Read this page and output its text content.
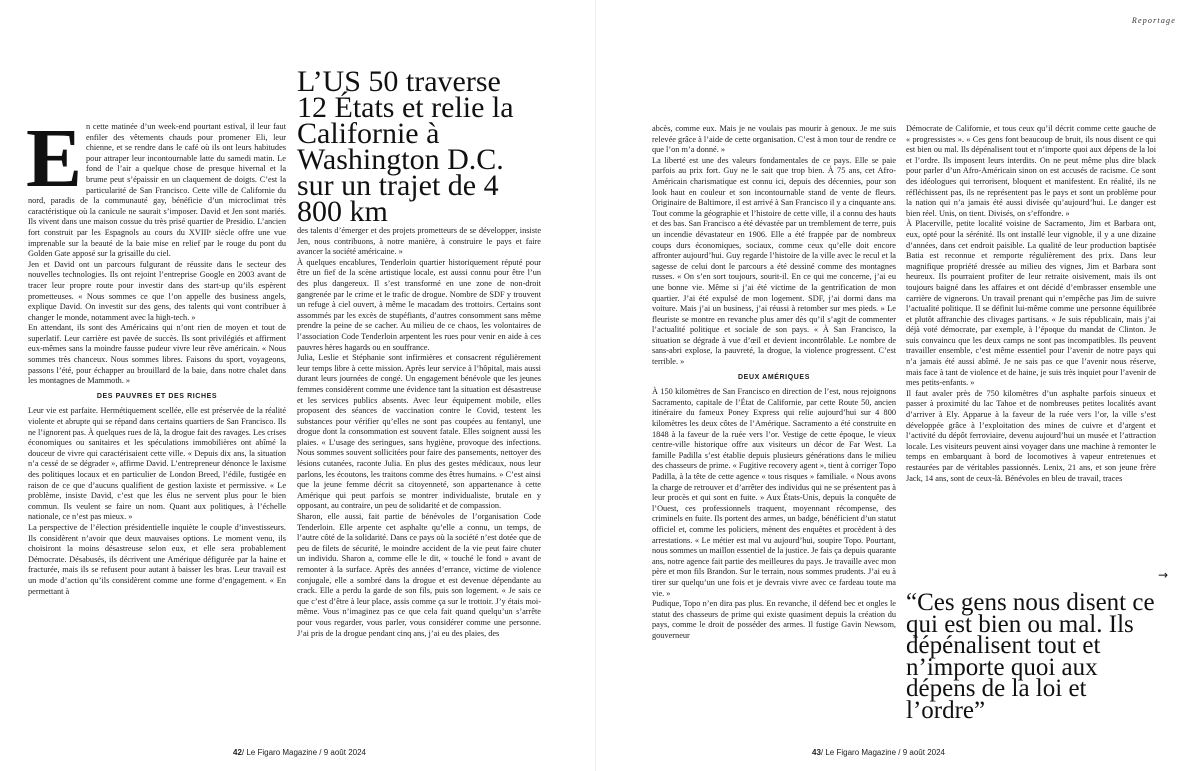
Reportage
L’US 50 traverse 12 États et relie la Californie à Washington D.C. sur un trajet de 4 800 km

En cette matinée d’un week-end pourtant estival, il leur faut enfiler des vêtements chauds pour promener Eli, leur chienne, et se rendre dans le café où ils ont leurs habitudes pour attraper leur incontournable latte du samedi matin. Le fond de l’air a quelque chose de presque hivernal et la brume peut s’épaissir en un claquement de doigts. C’est la particularité de San Francisco. Cette ville de Californie du nord, paradis de la communauté gay, bénéficie d’un microclimat très caractéristique où la canicule ne saurait s’imposer. David et Jen sont mariés. Ils vivent dans une maison cossue du très prisé quartier de Presidio. L’ancien fort construit par les Espagnols au cours du XVIIIᵉ siècle offre une vue imprenable sur la beauté de la baie mise en relief par le rouge du pont du Golden Gate apposé sur la grisaille du ciel.

Jen et David ont un parcours fulgurant de réussite dans le secteur des nouvelles technologies. Ils ont rejoint l’entreprise Google en 2003 avant de tracer leur propre route pour investir dans des start-up qu’ils espèrent prometteuses. « Nous sommes ce que l’on appelle des business angels, explique David. On investit sur des gens, des talents qui vont contribuer à changer le monde, notamment avec la high-tech. »

En attendant, ils sont des Américains qui n’ont rien de moyen et tout de superlatif. Leur carrière est pavée de succès. Ils sont privilégiés et affirment eux-mêmes sans la moindre fausse pudeur vivre leur rêve américain. « Nous sommes très chanceux. Nous sommes libres. Faisons du sport, voyageons, passons l’été, pour échapper au brouillard de la baie, dans notre chalet dans les montagnes de Mammoth. »

DES PAUVRES ET DES RICHES

Leur vie est parfaite. Hermétiquement scellée, elle est préservée de la réalité violente et abrupte qui se répand dans certains quartiers de San Francisco. Ils ne l’ignorent pas. À quelques rues de là, la drogue fait des ravages. Les crises économiques ou sanitaires et les spéculations immobilières ont abîmé la douceur de vivre qui caractérisaient cette ville. « Depuis dix ans, la situation n’a cessé de se dégrader », affirme David. L’entrepreneur dénonce le laxisme des politiques locaux et en particulier de London Breed, l’édile, fustigée en raison de ce que d’aucuns qualifient de gestion laxiste et permissive. « Le problème, insiste David, c’est que les élus ne servent plus pour le bien commun. Ils veulent se faire un nom. Quant aux politiques, à l’échelle nationale, ce n’est pas mieux. »

La perspective de l’élection présidentielle inquiète le couple d’investisseurs. Ils considèrent n’avoir que deux mauvaises options. Le moment venu, ils choisiront la moins désastreuse selon eux, et elle sera probablement Démocrate. Désabusés, ils décrivent une Amérique défigurée par la haine et fracturée, mais ils se refusent pour autant à baisser les bras. Leur travail est un mode d’action qu’ils considèrent comme une forme d’engagement. « En permettant à

des talents d’émerger et des projets prometteurs de se développer, insiste Jen, nous contribuons, à notre manière, à construire le pays et faire avancer la société américaine. »

À quelques encablures, Tenderloin quartier historiquement réputé pour être un fief de la scène artistique locale, est aussi connu pour être l’un des plus dangereux. Il s’est transformé en une zone de non-droit gangrenée par le crime et le trafic de drogue. Nombre de SDF y trouvent un refuge à ciel ouvert, à même le macadam des trottoirs. Certains sont assommés par les excès de stupéfiants, d’autres consomment sans même prendre la peine de se cacher. Au milieu de ce chaos, les volontaires de l’association Code Tenderloin arpentent les rues pour venir en aide à ces pauvres hères hagards ou en souffrance.

Julia, Leslie et Stéphanie sont infirmières et consacrent régulièrement leur temps libre à cette mission. Après leur service à l’hôpital, mais aussi durant leurs journées de congé. Un engagement bénévole que les jeunes femmes considèrent comme une évidence tant la situation est désastreuse et les services publics absents. Avec leur équipement mobile, elles proposent des séances de vaccination contre le Covid, testent les substances pour vérifier qu’elles ne sont pas coupées au fentanyl, une drogue dont la consommation est souvent fatale. Elles soignent aussi les plaies. « L’usage des seringues, sans hygiène, provoque des infections. Nous sommes souvent sollicitées pour faire des pansements, nettoyer des lésions cutanées, raconte Julia. En plus des gestes médicaux, nous leur parlons, les écoutons, les traitons comme des êtres humains. » C’est ainsi que la jeune femme décrit sa citoyenneté, son appartenance à cette Amérique qui peut parfois se montrer individualiste, brutale en y opposant, au contraire, un peu de solidarité et de compassion.

Sharon, elle aussi, fait partie de bénévoles de l’organisation Code Tenderloin. Elle arpente cet asphalte qu’elle a connu, un temps, de l’autre côté de la solidarité. Dans ce pays où la société n’est dotée que de peu de filets de sécurité, le moindre accident de la vie peut faire chuter un individu. Sharon a, comme elle le dit, « touché le fond » avant de remonter à la surface. Après des années d’errance, victime de violence conjugale, elle a sombré dans la drogue et est devenue dépendante au crack. Elle a perdu la garde de son fils, puis son logement. « Je sais ce que c’est d’être à leur place, assis comme ça sur le trottoir. J’y étais moi-même. Vous n’imaginez pas ce que cela fait quand quelqu’un s’arrête pour vous regarder, vous parler, vous considérer comme une personne. J’ai pris de la drogue pendant cinq ans, j’ai eu des plaies, des

abcès, comme eux. Mais je ne voulais pas mourir à genoux. Je me suis relevée grâce à l’aide de cette organisation. C’est à mon tour de rendre ce que l’on m’a donné. »

La liberté est une des valeurs fondamentales de ce pays. Elle se paie parfois au prix fort. Guy ne le sait que trop bien. À 75 ans, cet Afro-Américain charismatique est connu ici, depuis des décennies, pour son look haut en couleur et son incontournable stand de vente de fleurs. Originaire de Baltimore, il est arrivé à San Francisco il y a cinquante ans. Tout comme la géographie et l’histoire de cette ville, il a connu des hauts et des bas. San Francisco a été dévastée par un tremblement de terre, puis un incendie dévastateur en 1906. Elle a été frappée par de nombreux coups durs économiques, sociaux, comme ceux qu’elle doit encore affronter aujourd’hui. Guy regarde l’histoire de la ville avec le recul et la sagesse de celui dont le parcours a été dessiné comme des montagnes russes. « On s’en sort toujours, sourit-il. En ce qui me concerne, j’ai eu une bonne vie. Même si j’ai été victime de la gentrification de mon quartier. J’ai été expulsé de mon logement. SDF, j’ai dormi dans ma voiture. Mais j’ai un business, j’ai réussi à retomber sur mes pieds. » Le fleuriste se montre en revanche plus amer dès qu’il s’agit de commenter l’actualité politique et sociale de son pays. « À San Francisco, la situation se dégrade à vue d’œil et devient incontrôlable. Le nombre de sans-abri explose, la pauvreté, la drogue, la violence progressent. C’est terrible. »

DEUX AMÉRIQUES

À 150 kilomètres de San Francisco en direction de l’est, nous rejoignons Sacramento, capitale de l’État de Californie, par cette Route 50, ancien itinéraire du fameux Poney Express qui relie aujourd’hui sur 4 800 kilomètres les deux côtes de l’Amérique. Sacramento a été construite en 1848 à la faveur de la ruée vers l’or. Vestige de cette époque, le vieux centre-ville historique offre aux visiteurs un décor de Far West. La famille Padilla s’est établie depuis plusieurs générations dans le milieu des chasseurs de prime. « Fugitive recovery agent », tient à corriger Topo Padilla, à la tête de cette agence « tous risques » familiale. « Nous avons la charge de retrouver et d’arrêter des individus qui ne se présentent pas à leur procès et qui sont en fuite. » Aux États-Unis, depuis la conquête de l’Ouest, ces professionnels traquent, moyennant récompense, des criminels en fuite. Ils portent des armes, un badge, bénéficient d’un statut officiel et, comme les policiers, mènent des enquêtes et procèdent à des arrestations. « Le métier est mal vu aujourd’hui, soupire Topo. Pourtant, nous sommes un maillon essentiel de la justice. Je fais ça depuis quarante ans, notre agence fait partie des meilleures du pays. Je travaille avec mon père et mon fils Brandon. Sur le terrain, nous sommes prudents. J’ai eu à tirer sur quelqu’un une fois et je devrais vivre avec ce fardeau toute ma vie. »

Pudique, Topo n’en dira pas plus. En revanche, il défend bec et ongles le statut des chasseurs de prime qui existe quasiment depuis la création du pays, comme le droit de posséder des armes. Il fustige Gavin Newsom, gouverneur

Démocrate de Californie, et tous ceux qu’il décrit comme cette gauche de « progressistes ». « Ces gens font beaucoup de bruit, ils nous disent ce qui est bien ou mal. Ils dépénalisent tout et n’importe quoi aux dépens de la loi et l’ordre. Ils imposent leurs interdits. On ne peut même plus dire black pour parler d’un Afro-Américain sinon on est accusés de racisme. Ce sont des idéologues qui terrorisent, bloquent et manifestent. En réalité, ils ne réfléchissent pas, ils ne représentent pas le pays et sont un problème pour la nation qui n’a jamais été aussi divisée qu’aujourd’hui. Le danger est bien réel. Unis, on tient. Divisés, on s’effondre. »

À Placerville, petite localité voisine de Sacramento, Jim et Barbara ont, eux, opté pour la sérénité. Ils ont installé leur vignoble, il y a une dizaine d’années, dans cet endroit paisible. La qualité de leur production baptisée Batia est reconnue et remporte régulièrement des prix. Dans leur magnifique propriété dressée au milieu des vignes, Jim et Barbara sont heureux. Ils pourraient profiter de leur retraite oisivement, mais ils ont toujours baigné dans les affaires et ont décidé d’embrasser ensemble une carrière de vignerons. Un travail prenant qui n’empêche pas Jim de suivre l’actualité politique. Il se définit lui-même comme une personne équilibrée et plutôt affranchie des clivages partisans. « Je suis républicain, mais j’ai déjà voté démocrate, par exemple, à l’époque du mandat de Clinton. Je suis convaincu que les deux camps ne sont pas incompatibles. Ils peuvent travailler ensemble, c’est même essentiel pour l’avenir de notre pays qui n’a jamais été aussi abîmé. Je ne sais pas ce que l’avenir nous réserve, mais face à tant de violence et de haine, je suis très inquiet pour l’avenir de mes petits-enfants. »

Il faut avaler près de 750 kilomètres d’un asphalte parfois sinueux et passer à proximité du lac Tahoe et de nombreuses petites localités avant d’arriver à Ely. Apparue à la faveur de la ruée vers l’or, la ville s’est développée grâce à l’exploitation des mines de cuivre et d’argent et l’activité du dépôt ferroviaire, devenu aujourd’hui un musée et l’attraction locale. Les visiteurs peuvent ainsi voyager dans une machine à remonter le temps en embarquant à bord de locomotives à vapeur entretenues et restaurées par de véritables passionnés. Lenix, 21 ans, et son jeune frère Jack, 14 ans, sont de ceux-là. Bénévoles en bleu de travail, traces

→
“Ces gens nous disent ce qui est bien ou mal. Ils dépénalisent tout et n’importe quoi aux dépens de la loi et l’ordre”
42/ Le Figaro Magazine / 9 août 2024	43/ Le Figaro Magazine / 9 août 2024
